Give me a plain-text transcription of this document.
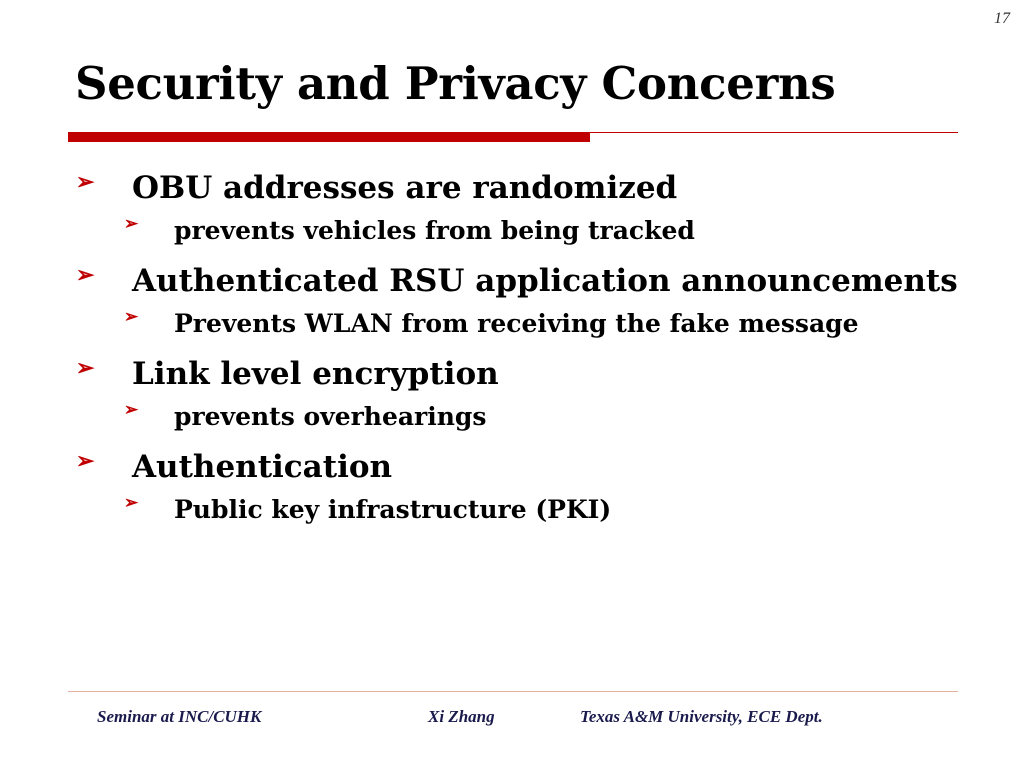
17
Security and Privacy Concerns
➢	OBU addresses are randomized
➢	prevents vehicles from being tracked
➢	Authenticated RSU application announcements
➢	Prevents WLAN from receiving the fake message
➢	Link level encryption
➢	prevents overhearings
➢	Authentication
➢	Public key infrastructure (PKI)
Seminar at INC/CUHK	Xi Zhang	Texas A&M University, ECE Dept.
